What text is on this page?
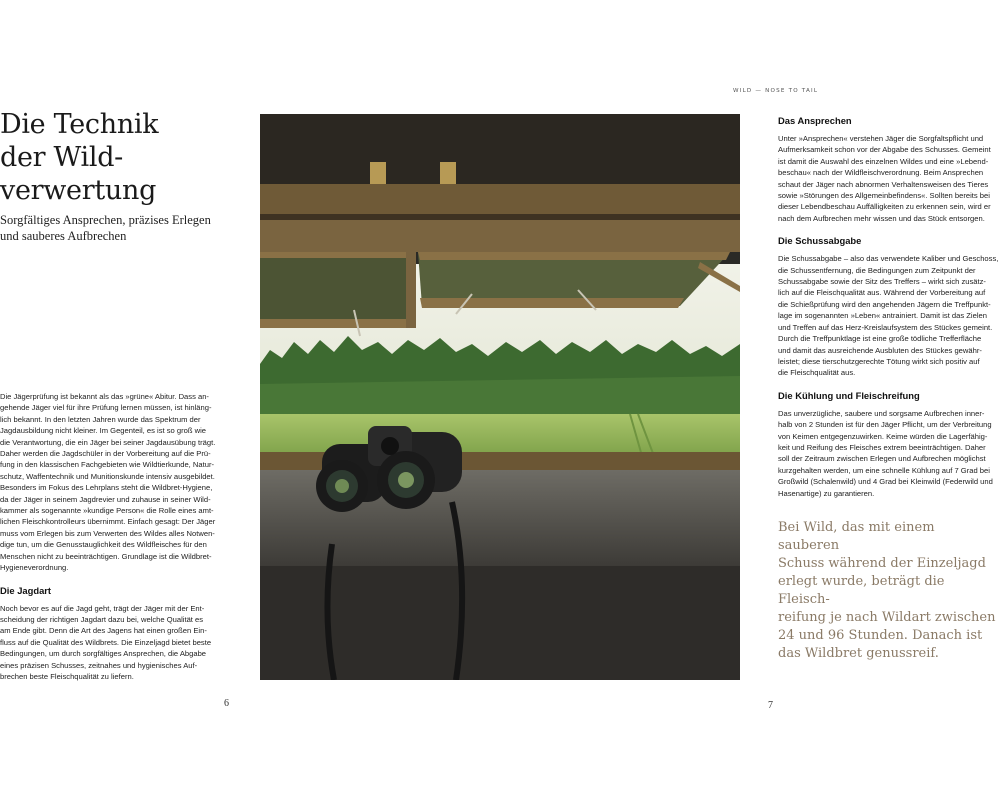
WILD — NOSE TO TAIL
Die Technik
der Wild-
verwertung
Sorgfältiges Ansprechen, präzises Erlegen
und sauberes Aufbrechen

Die Jägerprüfung ist bekannt als das »grüne« Abitur. Dass an-
gehende Jäger viel für ihre Prüfung lernen müssen, ist hinläng-
lich bekannt. In den letzten Jahren wurde das Spektrum der
Jagdausbildung nicht kleiner. Im Gegenteil, es ist so groß wie
die Verantwortung, die ein Jäger bei seiner Jagdausübung trägt.
Daher werden die Jagdschüler in der Vorbereitung auf die Prü-
fung in den klassischen Fachgebieten wie Wildtierkunde, Natur-
schutz, Waffentechnik und Munitionskunde intensiv ausgebildet.
Besonders im Fokus des Lehrplans steht die Wildbret-Hygiene,
da der Jäger in seinem Jagdrevier und zuhause in seiner Wild-
kammer als sogenannte »kundige Person« die Rolle eines amt-
lichen Fleischkontrolleurs übernimmt. Einfach gesagt: Der Jäger
muss vom Erlegen bis zum Verwerten des Wildes alles Notwen-
dige tun, um die Genusstauglichkeit des Wildfleisches für den
Menschen nicht zu beeinträchtigen. Grundlage ist die Wildbret-
Hygieneverordnung.

Die Jagdart

Noch bevor es auf die Jagd geht, trägt der Jäger mit der Ent-
scheidung der richtigen Jagdart dazu bei, welche Qualität es
am Ende gibt. Denn die Art des Jagens hat einen großen Ein-
fluss auf die Qualität des Wildbrets. Die Einzeljagd bietet beste
Bedingungen, um durch sorgfältiges Ansprechen, die Abgabe
eines präzisen Schusses, zeitnahes und hygienisches Auf-
brechen beste Fleischqualität zu liefern.

6
Das Ansprechen

Unter »Ansprechen« verstehen Jäger die Sorgfaltspflicht und
Aufmerksamkeit schon vor der Abgabe des Schusses. Gemeint
ist damit die Auswahl des einzelnen Wildes und eine »Lebend-
beschau« nach der Wildfleischverordnung. Beim Ansprechen
schaut der Jäger nach abnormen Verhaltensweisen des Tieres
sowie »Störungen des Allgemeinbefindens«. Sollten bereits bei
dieser Lebendbeschau Auffälligkeiten zu erkennen sein, wird er
nach dem Aufbrechen mehr wissen und das Stück entsorgen.

Die Schussabgabe

Die Schussabgabe – also das verwendete Kaliber und Geschoss,
die Schussentfernung, die Bedingungen zum Zeitpunkt der
Schussabgabe sowie der Sitz des Treffers – wirkt sich zusätz-
lich auf die Fleischqualität aus. Während der Vorbereitung auf
die Schießprüfung wird den angehenden Jägern die Treffpunkt-
lage im sogenannten »Leben« antrainiert. Damit ist das Zielen
und Treffen auf das Herz-Kreislaufsystem des Stückes gemeint.
Durch die Treffpunktlage ist eine große tödliche Trefferfläche
und damit das ausreichende Ausbluten des Stückes gewähr-
leistet; diese tierschutzgerechte Tötung wirkt sich positiv auf
die Fleischqualität aus.

Die Kühlung und Fleischreifung

Das unverzügliche, saubere und sorgsame Aufbrechen inner-
halb von 2 Stunden ist für den Jäger Pflicht, um der Verbreitung
von Keimen entgegenzuwirken. Keime würden die Lagerfähig-
keit und Reifung des Fleisches extrem beeinträchtigen. Daher
soll der Zeitraum zwischen Erlegen und Aufbrechen möglichst
kurzgehalten werden, um eine schnelle Kühlung auf 7 Grad bei
Großwild (Schalenwild) und 4 Grad bei Kleinwild (Federwild und
Hasenartige) zu garantieren.

Bei Wild, das mit einem sauberen
Schuss während der Einzeljagd
erlegt wurde, beträgt die Fleisch-
reifung je nach Wildart zwischen
24 und 96 Stunden. Danach ist
das Wildbret genussreif.
7
